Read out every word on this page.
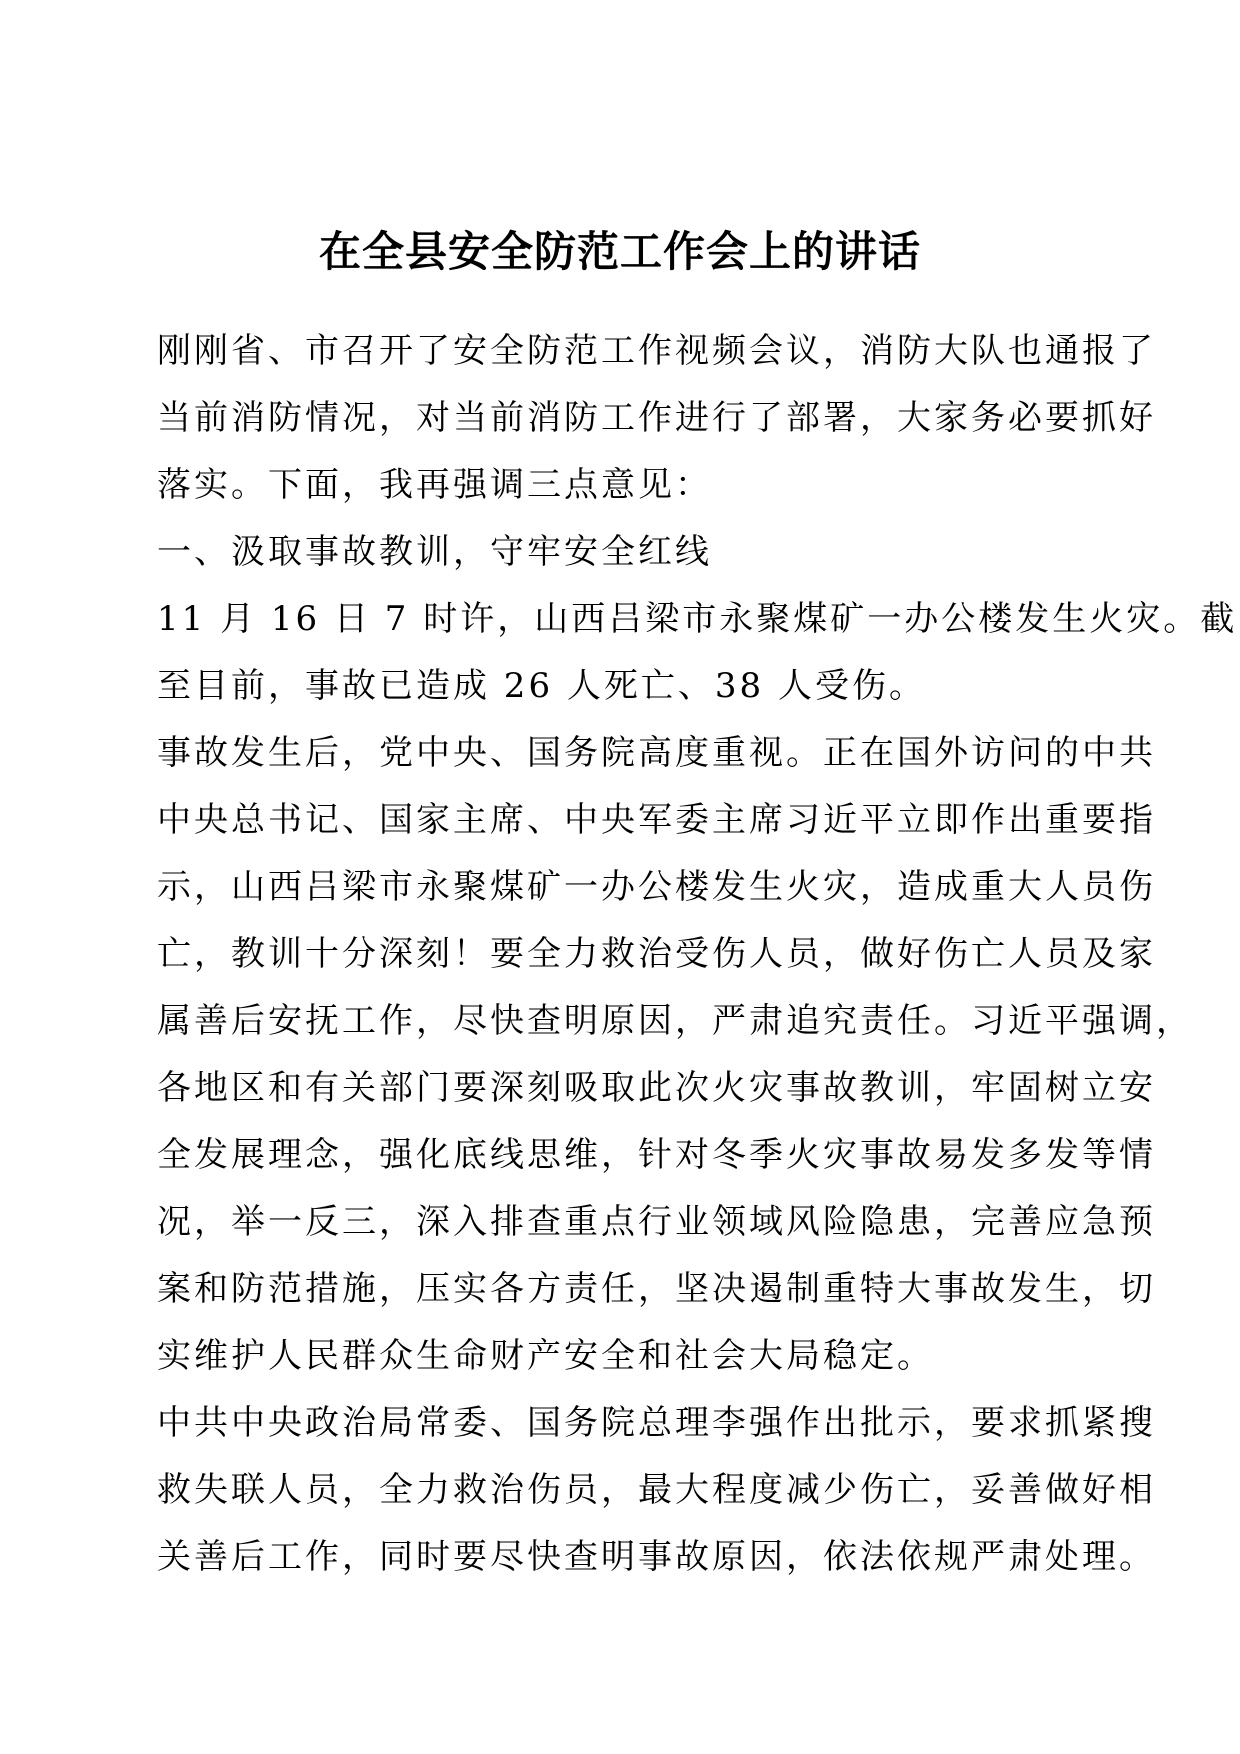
在全县安全防范工作会上的讲话
刚刚省、市召开了安全防范工作视频会议，消防大队也通报了
当前消防情况，对当前消防工作进行了部署，大家务必要抓好
落实。下面，我再强调三点意见：
一、汲取事故教训，守牢安全红线
11 月 16 日 7 时许，山西吕梁市永聚煤矿一办公楼发生火灾。截
至目前，事故已造成 26 人死亡、38 人受伤。
事故发生后，党中央、国务院高度重视。正在国外访问的中共
中央总书记、国家主席、中央军委主席习近平立即作出重要指
示，山西吕梁市永聚煤矿一办公楼发生火灾，造成重大人员伤
亡，教训十分深刻！要全力救治受伤人员，做好伤亡人员及家
属善后安抚工作，尽快查明原因，严肃追究责任。习近平强调，
各地区和有关部门要深刻吸取此次火灾事故教训，牢固树立安
全发展理念，强化底线思维，针对冬季火灾事故易发多发等情
况，举一反三，深入排查重点行业领域风险隐患，完善应急预
案和防范措施，压实各方责任，坚决遏制重特大事故发生，切
实维护人民群众生命财产安全和社会大局稳定。
中共中央政治局常委、国务院总理李强作出批示，要求抓紧搜
救失联人员，全力救治伤员，最大程度减少伤亡，妥善做好相
关善后工作，同时要尽快查明事故原因，依法依规严肃处理。
